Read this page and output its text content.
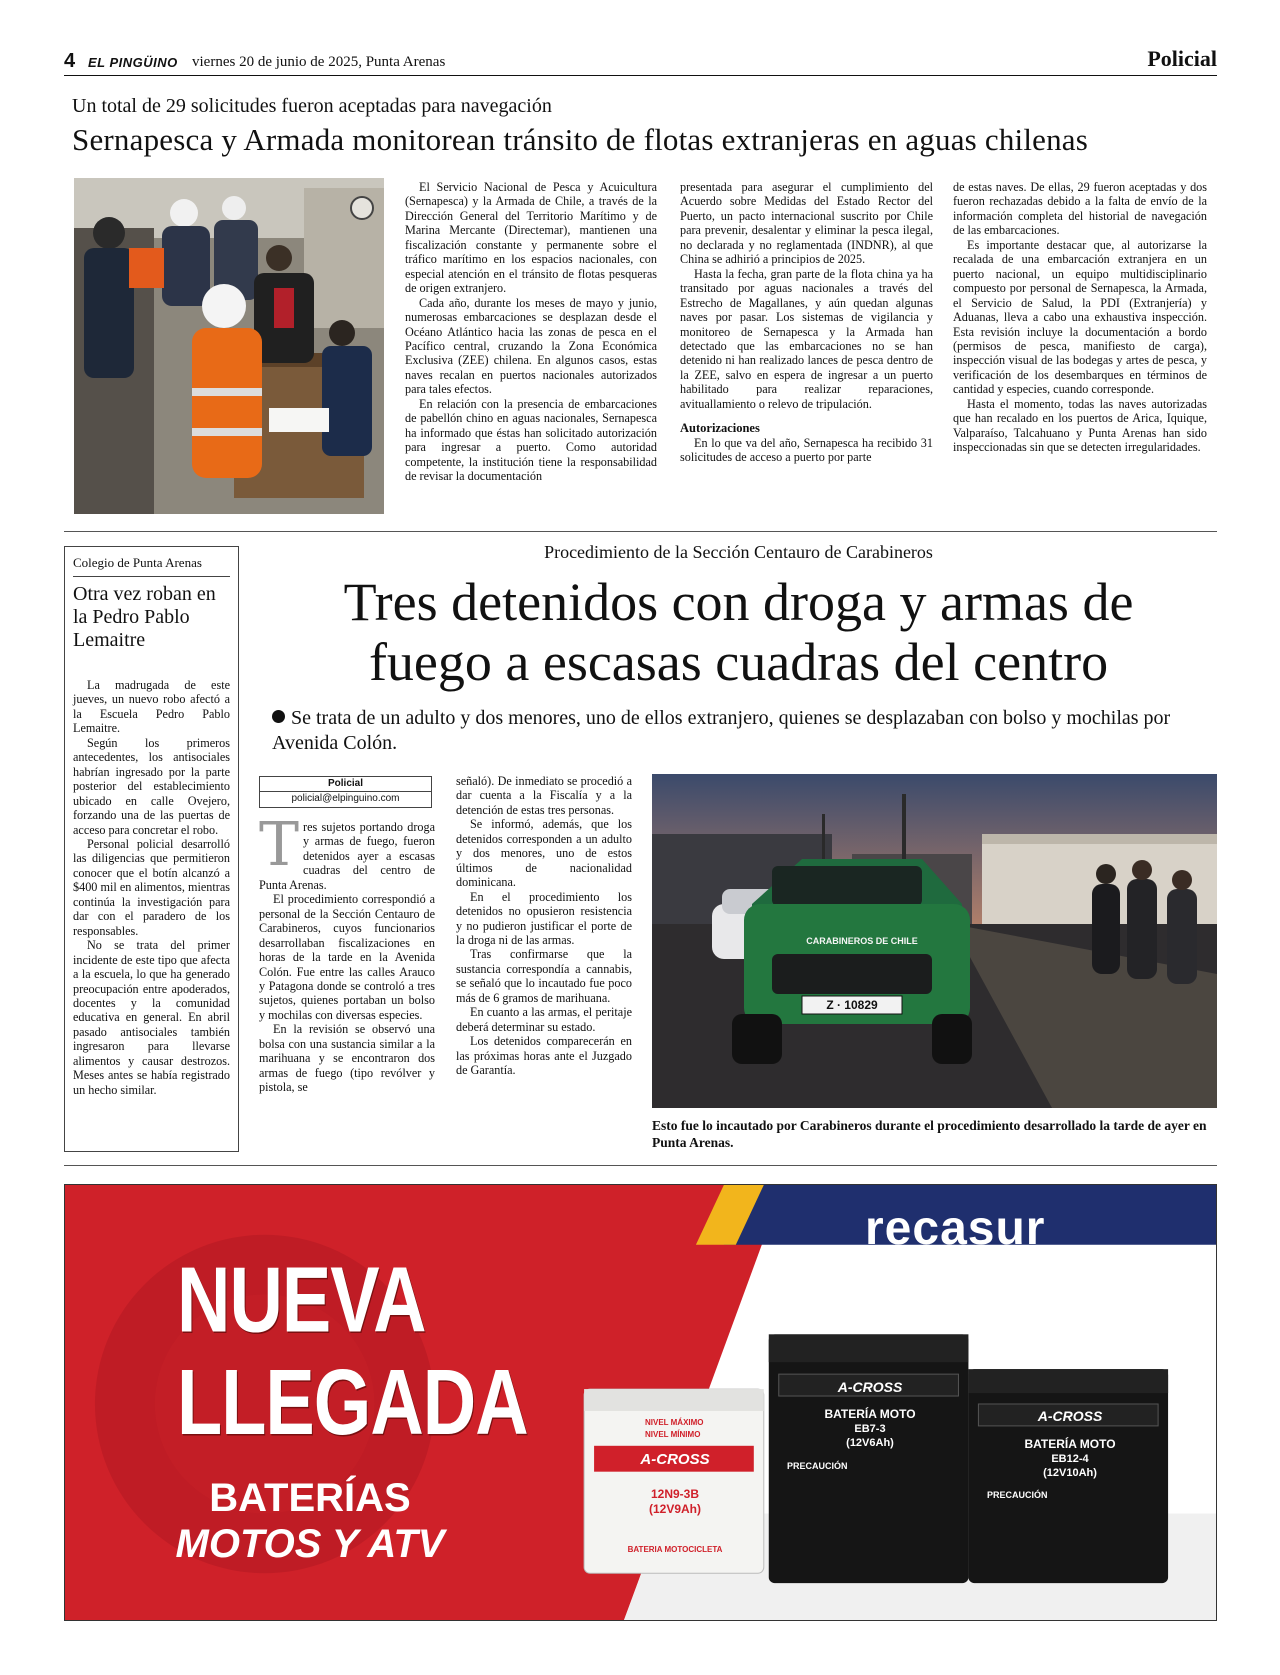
4 EL PINGÜINO viernes 20 de junio de 2025, Punta Arenas	Policial
Un total de 29 solicitudes fueron aceptadas para navegación
Sernapesca y Armada monitorean tránsito de flotas extranjeras en aguas chilenas

El Servicio Nacional de Pesca y Acuicultura (Sernapesca) y la Armada de Chile, a través de la Dirección General del Territorio Marítimo y de Marina Mercante (Directemar), mantienen una fiscalización constante y permanente sobre el tráfico marítimo en los espacios nacionales, con especial atención en el tránsito de flotas pesqueras de origen extranjero.

Cada año, durante los meses de mayo y junio, numerosas embarcaciones se desplazan desde el Océano Atlántico hacia las zonas de pesca en el Pacífico central, cruzando la Zona Económica Exclusiva (ZEE) chilena. En algunos casos, estas naves recalan en puertos nacionales autorizados para tales efectos.

En relación con la presencia de embarcaciones de pabellón chino en aguas nacionales, Sernapesca ha informado que éstas han solicitado autorización para ingresar a puerto. Como autoridad competente, la institución tiene la responsabilidad de revisar la documentación

presentada para asegurar el cumplimiento del Acuerdo sobre Medidas del Estado Rector del Puerto, un pacto internacional suscrito por Chile para prevenir, desalentar y eliminar la pesca ilegal, no declarada y no reglamentada (INDNR), al que China se adhirió a principios de 2025.

Hasta la fecha, gran parte de la flota china ya ha transitado por aguas nacionales a través del Estrecho de Magallanes, y aún quedan algunas naves por pasar. Los sistemas de vigilancia y monitoreo de Sernapesca y la Armada han detectado que las embarcaciones no se han detenido ni han realizado lances de pesca dentro de la ZEE, salvo en espera de ingresar a un puerto habilitado para realizar reparaciones, avituallamiento o relevo de tripulación.

Autorizaciones

En lo que va del año, Sernapesca ha recibido 31 solicitudes de acceso a puerto por parte

de estas naves. De ellas, 29 fueron aceptadas y dos fueron rechazadas debido a la falta de envío de la información completa del historial de navegación de las embarcaciones.

Es importante destacar que, al autorizarse la recalada de una embarcación extranjera en un puerto nacional, un equipo multidisciplinario compuesto por personal de Sernapesca, la Armada, el Servicio de Salud, la PDI (Extranjería) y Aduanas, lleva a cabo una exhaustiva inspección. Esta revisión incluye la documentación a bordo (permisos de pesca, manifiesto de carga), inspección visual de las bodegas y artes de pesca, y verificación de los desembarques en términos de cantidad y especies, cuando corresponde.

Hasta el momento, todas las naves autorizadas que han recalado en los puertos de Arica, Iquique, Valparaíso, Talcahuano y Punta Arenas han sido inspeccionadas sin que se detecten irregularidades.

Colegio de Punta Arenas
Otra vez roban en la Pedro Pablo Lemaitre

La madrugada de este jueves, un nuevo robo afectó a la Escuela Pedro Pablo Lemaitre.

Según los primeros antecedentes, los antisociales habrían ingresado por la parte posterior del establecimiento ubicado en calle Ovejero, forzando una de las puertas de acceso para concretar el robo.

Personal policial desarrolló las diligencias que permitieron conocer que el botín alcanzó a $400 mil en alimentos, mientras continúa la investigación para dar con el paradero de los responsables.

No se trata del primer incidente de este tipo que afecta a la escuela, lo que ha generado preocupación entre apoderados, docentes y la comunidad educativa en general. En abril pasado antisociales también ingresaron para llevarse alimentos y causar destrozos. Meses antes se había registrado un hecho similar.

Procedimiento de la Sección Centauro de Carabineros
Tres detenidos con droga y armas de
fuego a escasas cuadras del centro
Se trata de un adulto y dos menores, uno de ellos extranjero, quienes se desplazaban con bolso y mochilas por Avenida Colón.
Policial
policial@elpinguino.com

Tres sujetos portando droga y armas de fuego, fueron detenidos ayer a escasas cuadras del centro de Punta Arenas.

El procedimiento correspondió a personal de la Sección Centauro de Carabineros, cuyos funcionarios desarrollaban fiscalizaciones en horas de la tarde en la Avenida Colón. Fue entre las calles Arauco y Patagona donde se controló a tres sujetos, quienes portaban un bolso y mochilas con diversas especies.

En la revisión se observó una bolsa con una sustancia similar a la marihuana y se encontraron dos armas de fuego (tipo revólver y pistola, se

señaló). De inmediato se procedió a dar cuenta a la Fiscalía y a la detención de estas tres personas.

Se informó, además, que los detenidos corresponden a un adulto y dos menores, uno de estos últimos de nacionalidad dominicana.

En el procedimiento los detenidos no opusieron resistencia y no pudieron justificar el porte de la droga ni de las armas.

Tras confirmarse que la sustancia correspondía a cannabis, se señaló que lo incautado fue poco más de 6 gramos de marihuana.

En cuanto a las armas, el peritaje deberá determinar su estado.

Los detenidos comparecerán en las próximas horas ante el Juzgado de Garantía.

Z · 10829
CARABINEROS DE CHILE
Esto fue lo incautado por Carabineros durante el procedimiento desarrollado la tarde de ayer en Punta Arenas.
recasur
NUEVA
LLEGADA
BATERÍAS
MOTOS Y ATV
NIVEL MÁXIMO
NIVEL MÍNIMO
A-CROSS
12N9-3B
(12V9Ah)
BATERIA MOTOCICLETA
A-CROSS
BATERÍA MOTO
EB7-3
(12V6Ah)
PRECAUCIÓN
A-CROSS
BATERÍA MOTO
EB12-4
(12V10Ah)
PRECAUCIÓN
